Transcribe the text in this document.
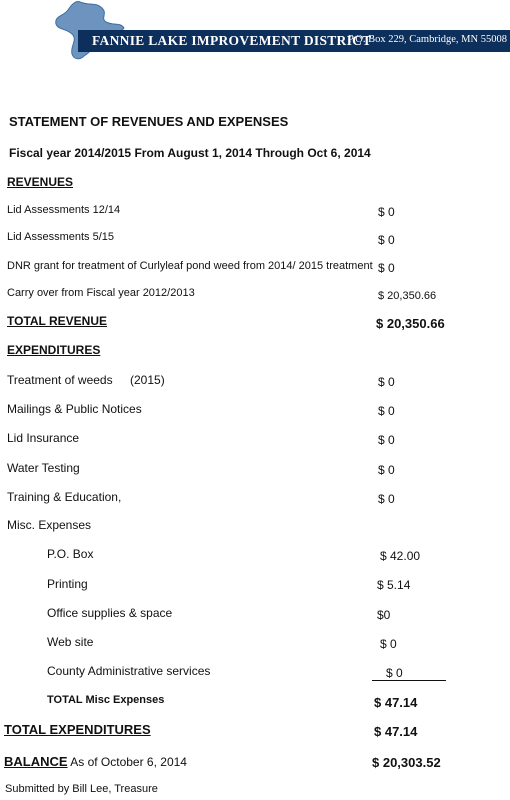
FANNIE LAKE IMPROVEMENT DISTRICT
P.O. Box 229, Cambridge, MN 55008
STATEMENT OF REVENUES AND EXPENSES
Fiscal year 2014/2015 From August 1, 2014 Through Oct 6, 2014
REVENUES
Lid Assessments 12/14	$ 0
Lid Assessments 5/15	$ 0
DNR grant for treatment of Curlyleaf pond weed from 2014/ 2015 treatment $ 0
Carry over from Fiscal year 2012/2013	$ 20,350.66
TOTAL REVENUE	$ 20,350.66
EXPENDITURES
Treatment of weeds (2015)	$ 0
Mailings & Public Notices	$ 0
Lid Insurance	$ 0
Water Testing	$ 0
Training & Education,	$ 0
Misc. Expenses
P.O. Box	$ 42.00
Printing	$ 5.14
Office supplies & space	$0
Web site	$ 0
County Administrative services	$ 0
TOTAL Misc Expenses	$ 47.14
TOTAL EXPENDITURES	$ 47.14
BALANCE As of October 6, 2014	$ 20,303.52
Submitted by Bill Lee, Treasure
